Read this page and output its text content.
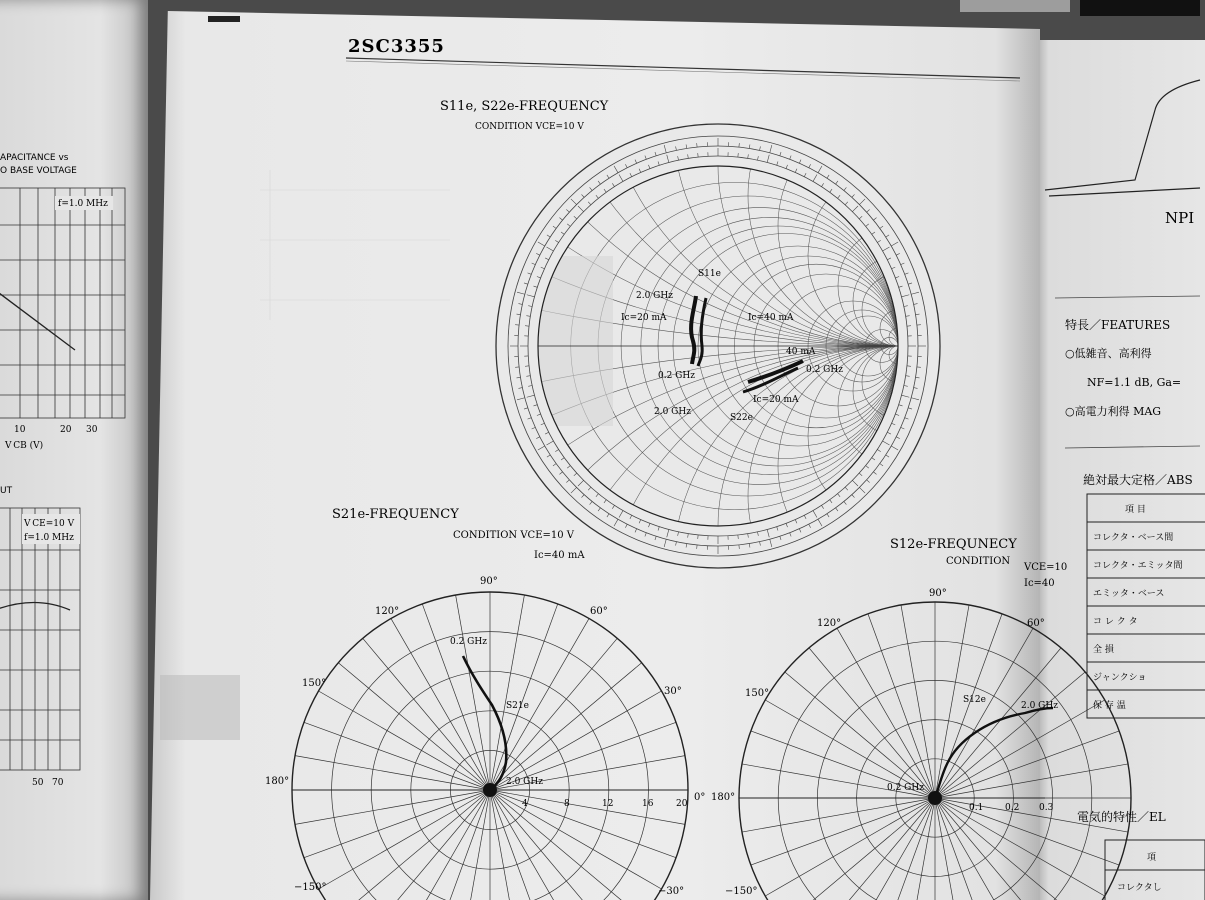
APACITANCE vs
O BASE VOLTAGE
f=1.0 MHz
10	20 30
V CB (V)
UT
V CE=10 V
f=1.0 MHz
50 70
2SC3355
S11e, S22e-FREQUENCY
CONDITION VCE=10 V
S11e
2.0 GHz
Ic=20 mA	Ic=40 mA
40 mA
0.2 GHz
0.2 GHz
2.0 GHz
Ic=20 mA
S22e
S21e-FREQUENCY
CONDITION VCE=10 V
Ic=40 mA
0.2 GHz
S21e
2.0 GHz
4	8	12	16	20
90°
120°	60°
150°
30°
180°
0°
−150°	−30°
S12e-FREQUNECY
CONDITION
VCE=10
Ic=40
0.2 GHz
S12e
2.0 GHz
0.1 0.2 0.3
90°
120°	60°
150°
180°
−150°
NPI
特長／FEATURES
○低雑音、高利得
NF=1.1 dB, Ga=
○高電力利得 MAG
絶対最大定格／ABS
項 目
コレクタ・ベース間
コレクタ・エミッタ間
エミッタ・ベース
コ レ ク タ
全 損
ジャンクショ
保 存 温
電気的特性／EL
項
コレクタし
